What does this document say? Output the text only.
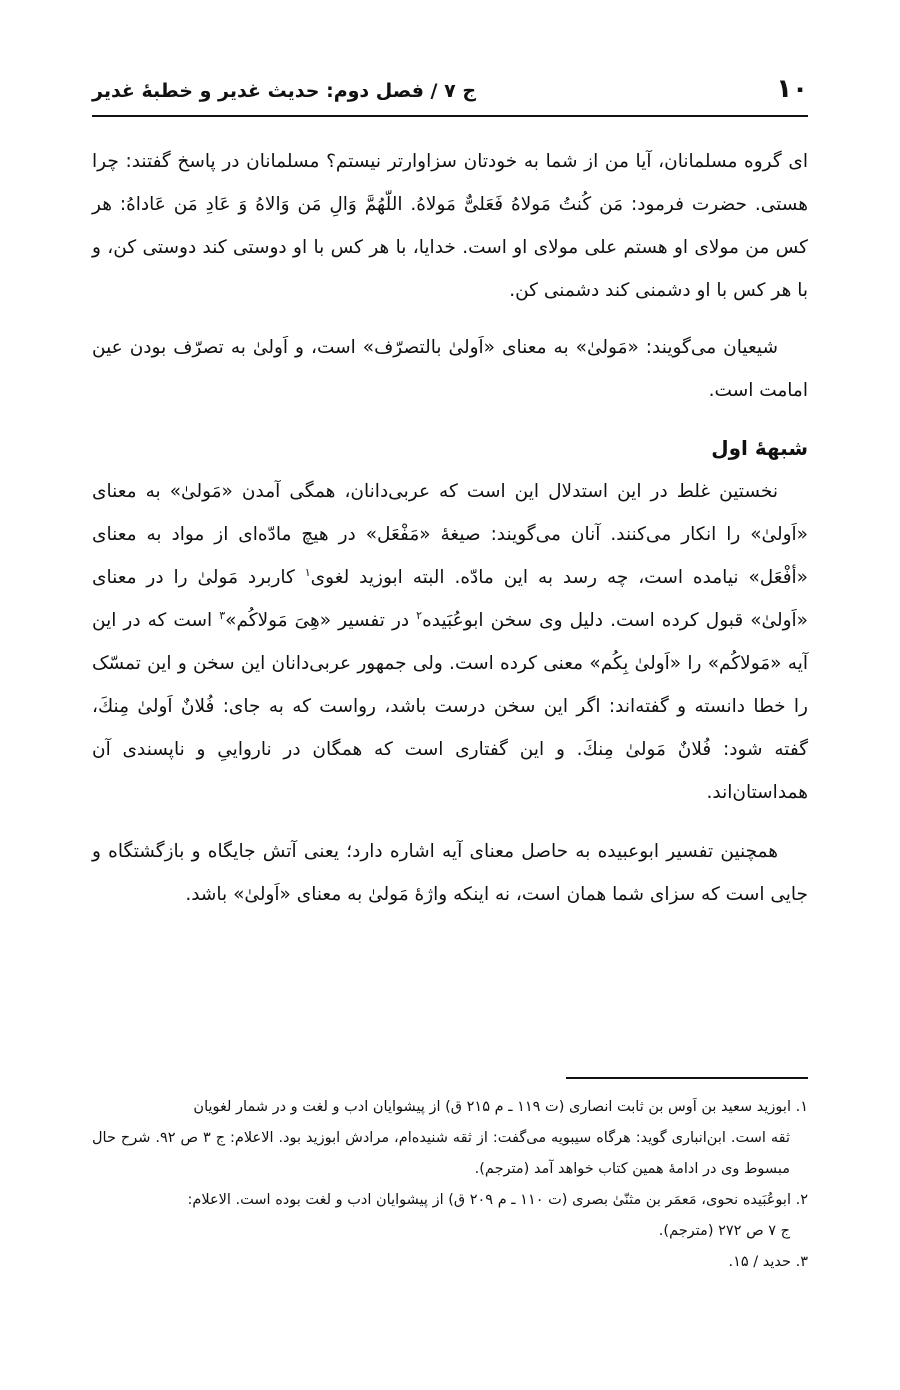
۱۰
ج ۷ / فصل دوم: حدیث غدیر و خطبهٔ غدیر

ای گروه مسلمانان، آیا من از شما به خودتان سزاوارتر نیستم؟ مسلمانان در پاسخ گفتند: چرا هستی. حضرت فرمود: مَن کُنتُ مَولاهُ فَعَلیٌّ مَولاهُ. اللّهُمَّ وَالِ مَن وَالاهُ وَ عَادِ مَن عَاداهُ: هر کس من مولای او هستم علی مولای او است. خدایا، با هر کس با او دوستی کند دوستی کن، و با هر کس با او دشمنی کند دشمنی کن.

شیعیان می‌گویند: «مَولیٰ» به معنای «اَولیٰ بالتصرّف» است، و اَولیٰ به تصرّف بودن عین امامت است.

شبههٔ اول

نخستین غلط در این استدلال این است که عربی‌دانان، همگی آمدن «مَولیٰ» به معنای «اَولیٰ» را انکار می‌کنند. آنان می‌گویند: صیغهٔ «مَفْعَل» در هیچ مادّه‌ای از مواد به معنای «أفْعَل» نیامده است، چه رسد به این مادّه. البته ابوزید لغوی$^۱$ کاربرد مَولیٰ را در معنای «اَولیٰ» قبول کرده است. دلیل وی سخن ابوعُبَیده$^۲$ در تفسیر «هِیَ مَولاکُم»$^۳$ است که در این آیه «مَولاکُم» را «اَولیٰ بِکُم» معنی کرده است. ولی جمهور عربی‌دانان این سخن و این تمسّک را خطا دانسته و گفته‌اند: اگر این سخن درست باشد، رواست که به جای: فُلانٌ اَولیٰ مِنكَ، گفته شود: فُلانٌ مَولیٰ مِنكَ. و این گفتاری است که همگان در نارواییِ و ناپسندی آن همداستان‌اند.

همچنین تفسیر ابوعبیده به حاصل معنای آیه اشاره دارد؛ یعنی آتش جایگاه و بازگشتگاه و جایی است که سزای شما همان است، نه اینکه واژهٔ مَولیٰ به معنای «اَولیٰ» باشد.

۱. ابوزید سعید بن اَوس بن ثابت انصاری (ت ۱۱۹ ـ م ۲۱۵ ق) از پیشوایان ادب و لغت و در شمار لغویان
ثقه است. ابن‌انباری گوید: هرگاه سیبویه می‌گفت: از ثقه شنیده‌ام، مرادش ابوزید بود. الاعلام: ج ۳ ص ۹۲. شرح حال مبسوط وی در ادامهٔ همین کتاب خواهد آمد (مترجم).
۲. ابوعُبَیده نحوی، مَعمَر بن مثنّیٰ بصری (ت ۱۱۰ ـ م ۲۰۹ ق) از پیشوایان ادب و لغت بوده است. الاعلام:
ج ۷ ص ۲۷۲ (مترجم).
۳. حدید / ۱۵.
